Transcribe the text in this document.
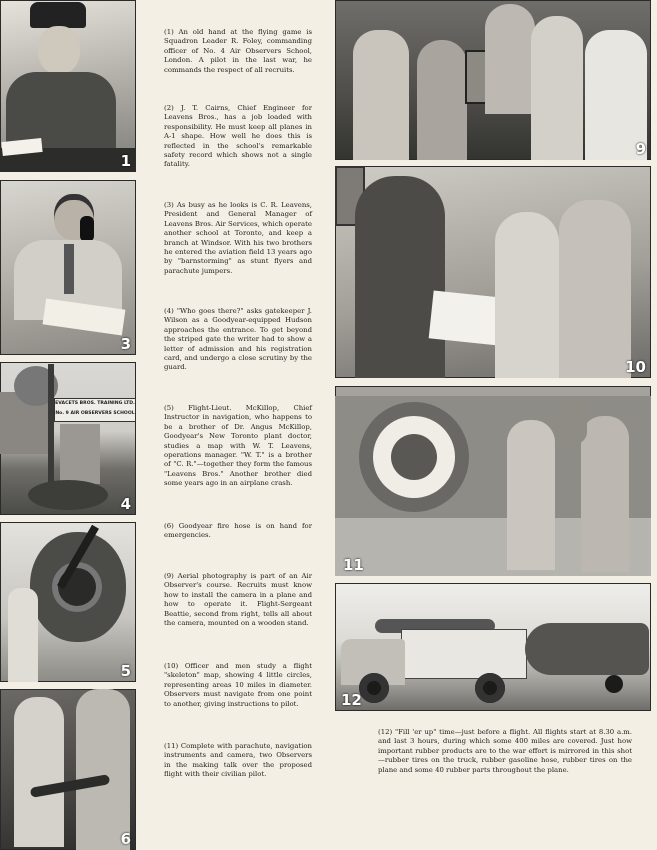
1
3
EVACETS BROS. TRAINING LTD.
No. 9 AIR OBSERVERS SCHOOL
4
5
6
9
10
11
12

(1) An old hand at the flying game is Squadron Leader R. Foley, commanding officer of No. 4 Air Observers School, London. A pilot in the last war, he commands the respect of all recruits.

(2) J. T. Cairns, Chief Engineer for Leavens Bros., has a job loaded with responsibility. He must keep all planes in A-1 shape. How well he does this is reflected in the school's remarkable safety record which shows not a single fatality.

(3) As busy as he looks is C. R. Leavens, President and General Manager of Leavens Bros. Air Services, which operate another school at Toronto, and keep a branch at Windsor. With his two brothers he entered the aviation field 13 years ago by "barnstorming" as stunt flyers and parachute jumpers.

(4) "Who goes there?" asks gatekeeper J. Wilson as a Goodyear-equipped Hudson approaches the entrance. To get beyond the striped gate the writer had to show a letter of admission and his registration card, and undergo a close scrutiny by the guard.

(5) Flight-Lieut. McKillop, Chief Instructor in navigation, who happens to be a brother of Dr. Angus McKillop, Goodyear's New Toronto plant doctor, studies a map with W. T. Leavens, operations manager. "W. T." is a brother of "C. R."—together they form the famous "Leavens Bros." Another brother died some years ago in an airplane crash.

(6) Goodyear fire hose is on hand for emergencies.

(9) Aerial photography is part of an Air Observer's course. Recruits must know how to install the camera in a plane and how to operate it. Flight-Sergeant Beattie, second from right, tells all about the camera, mounted on a wooden stand.

(10) Officer and men study a flight "skeleton" map, showing 4 little circles, representing areas 10 miles in diameter. Observers must navigate from one point to another, giving instructions to pilot.

(11) Complete with parachute, navigation instruments and camera, two Observers in the making talk over the proposed flight with their civilian pilot.

(12) "Fill 'er up" time—just before a flight. All flights start at 8.30 a.m. and last 3 hours, during which some 400 miles are covered. Just how important rubber products are to the war effort is mirrored in this shot—rubber tires on the truck, rubber gasoline hose, rubber tires on the plane and some 40 rubber parts throughout the plane.
